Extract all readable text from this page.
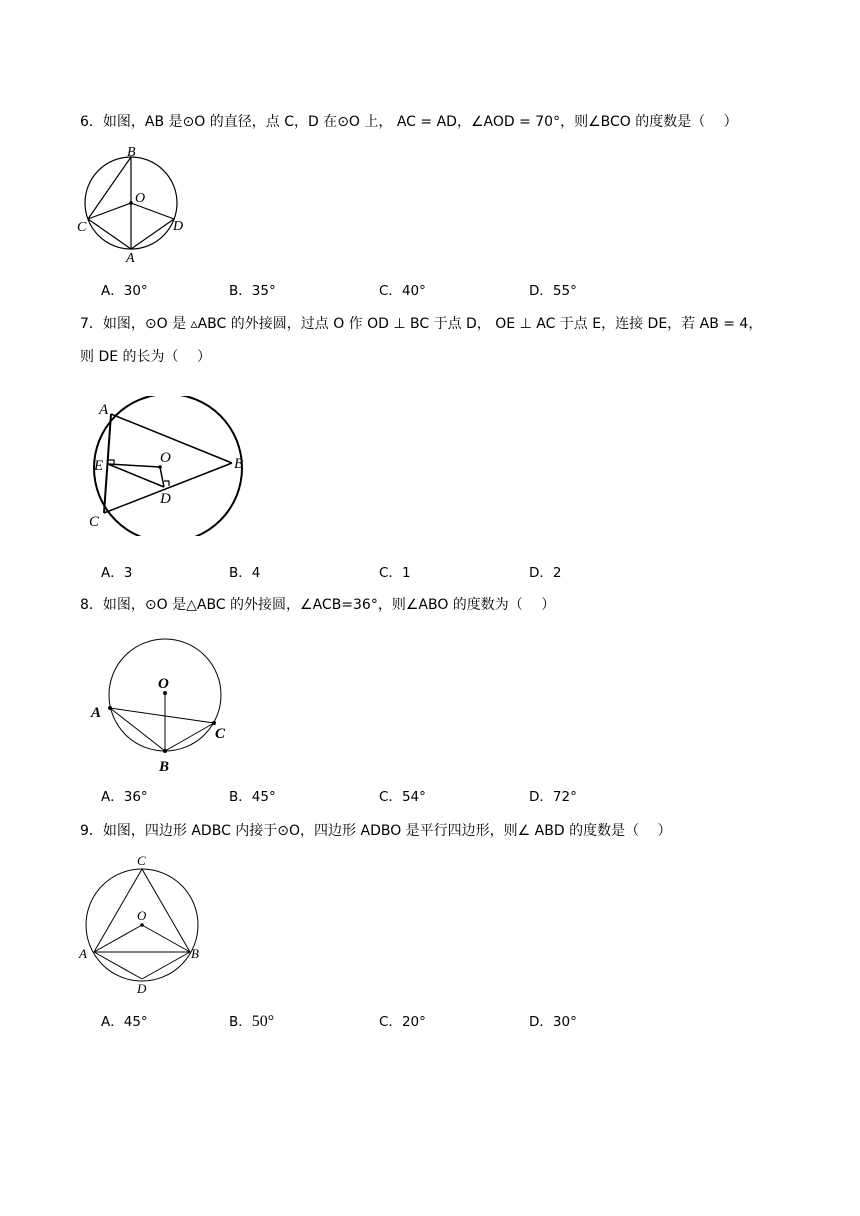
6．如图，AB 是⊙O 的直径，点 C，D 在⊙O 上， AC = AD，∠AOD = 70°，则∠BCO 的度数是（　 ）
B
O
C	D
A
A．30°	B．35°	C．40°	D．55°
7．如图，⊙O 是 ▵ABC 的外接圆，过点 O 作 OD ⊥ BC 于点 D， OE ⊥ AC 于点 E，连接 DE，若 AB = 4，
则 DE 的长为（　 ）
A
B
C
E	O
D
A．3	B．4	C．1	D．2
8．如图，⊙O 是△ABC 的外接圆，∠ACB=36°，则∠ABO 的度数为（　 ）
O
A
C
B
A．36°	B．45°	C．54°	D．72°
9．如图，四边形 ADBC 内接于⊙O，四边形 ADBO 是平行四边形，则∠ ABD 的度数是（　 ）
C
O
A	B
D
A．45°	B．50°	C．20°	D．30°
